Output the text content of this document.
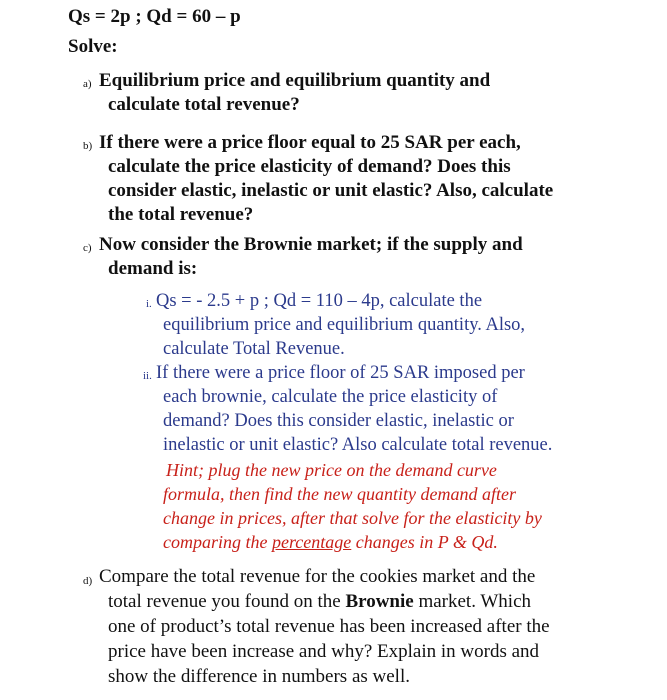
Qs = 2p ; Qd = 60 – p
Solve:
a) Equilibrium price and equilibrium quantity and
calculate total revenue?
b) If there were a price floor equal to 25 SAR per each,
calculate the price elasticity of demand? Does this
consider elastic, inelastic or unit elastic? Also, calculate
the total revenue?
c) Now consider the Brownie market; if the supply and
demand is:
i. Qs = - 2.5 + p ; Qd = 110 – 4p, calculate the
equilibrium price and equilibrium quantity. Also,
calculate Total Revenue.
ii. If there were a price floor of 25 SAR imposed per
each brownie, calculate the price elasticity of
demand? Does this consider elastic, inelastic or
inelastic or unit elastic? Also calculate total revenue.
Hint; plug the new price on the demand curve
formula, then find the new quantity demand after
change in prices, after that solve for the elasticity by
comparing the percentage changes in P & Qd.
d) Compare the total revenue for the cookies market and the
total revenue you found on the Brownie market. Which
one of product’s total revenue has been increased after the
price have been increase and why? Explain in words and
show the difference in numbers as well.
